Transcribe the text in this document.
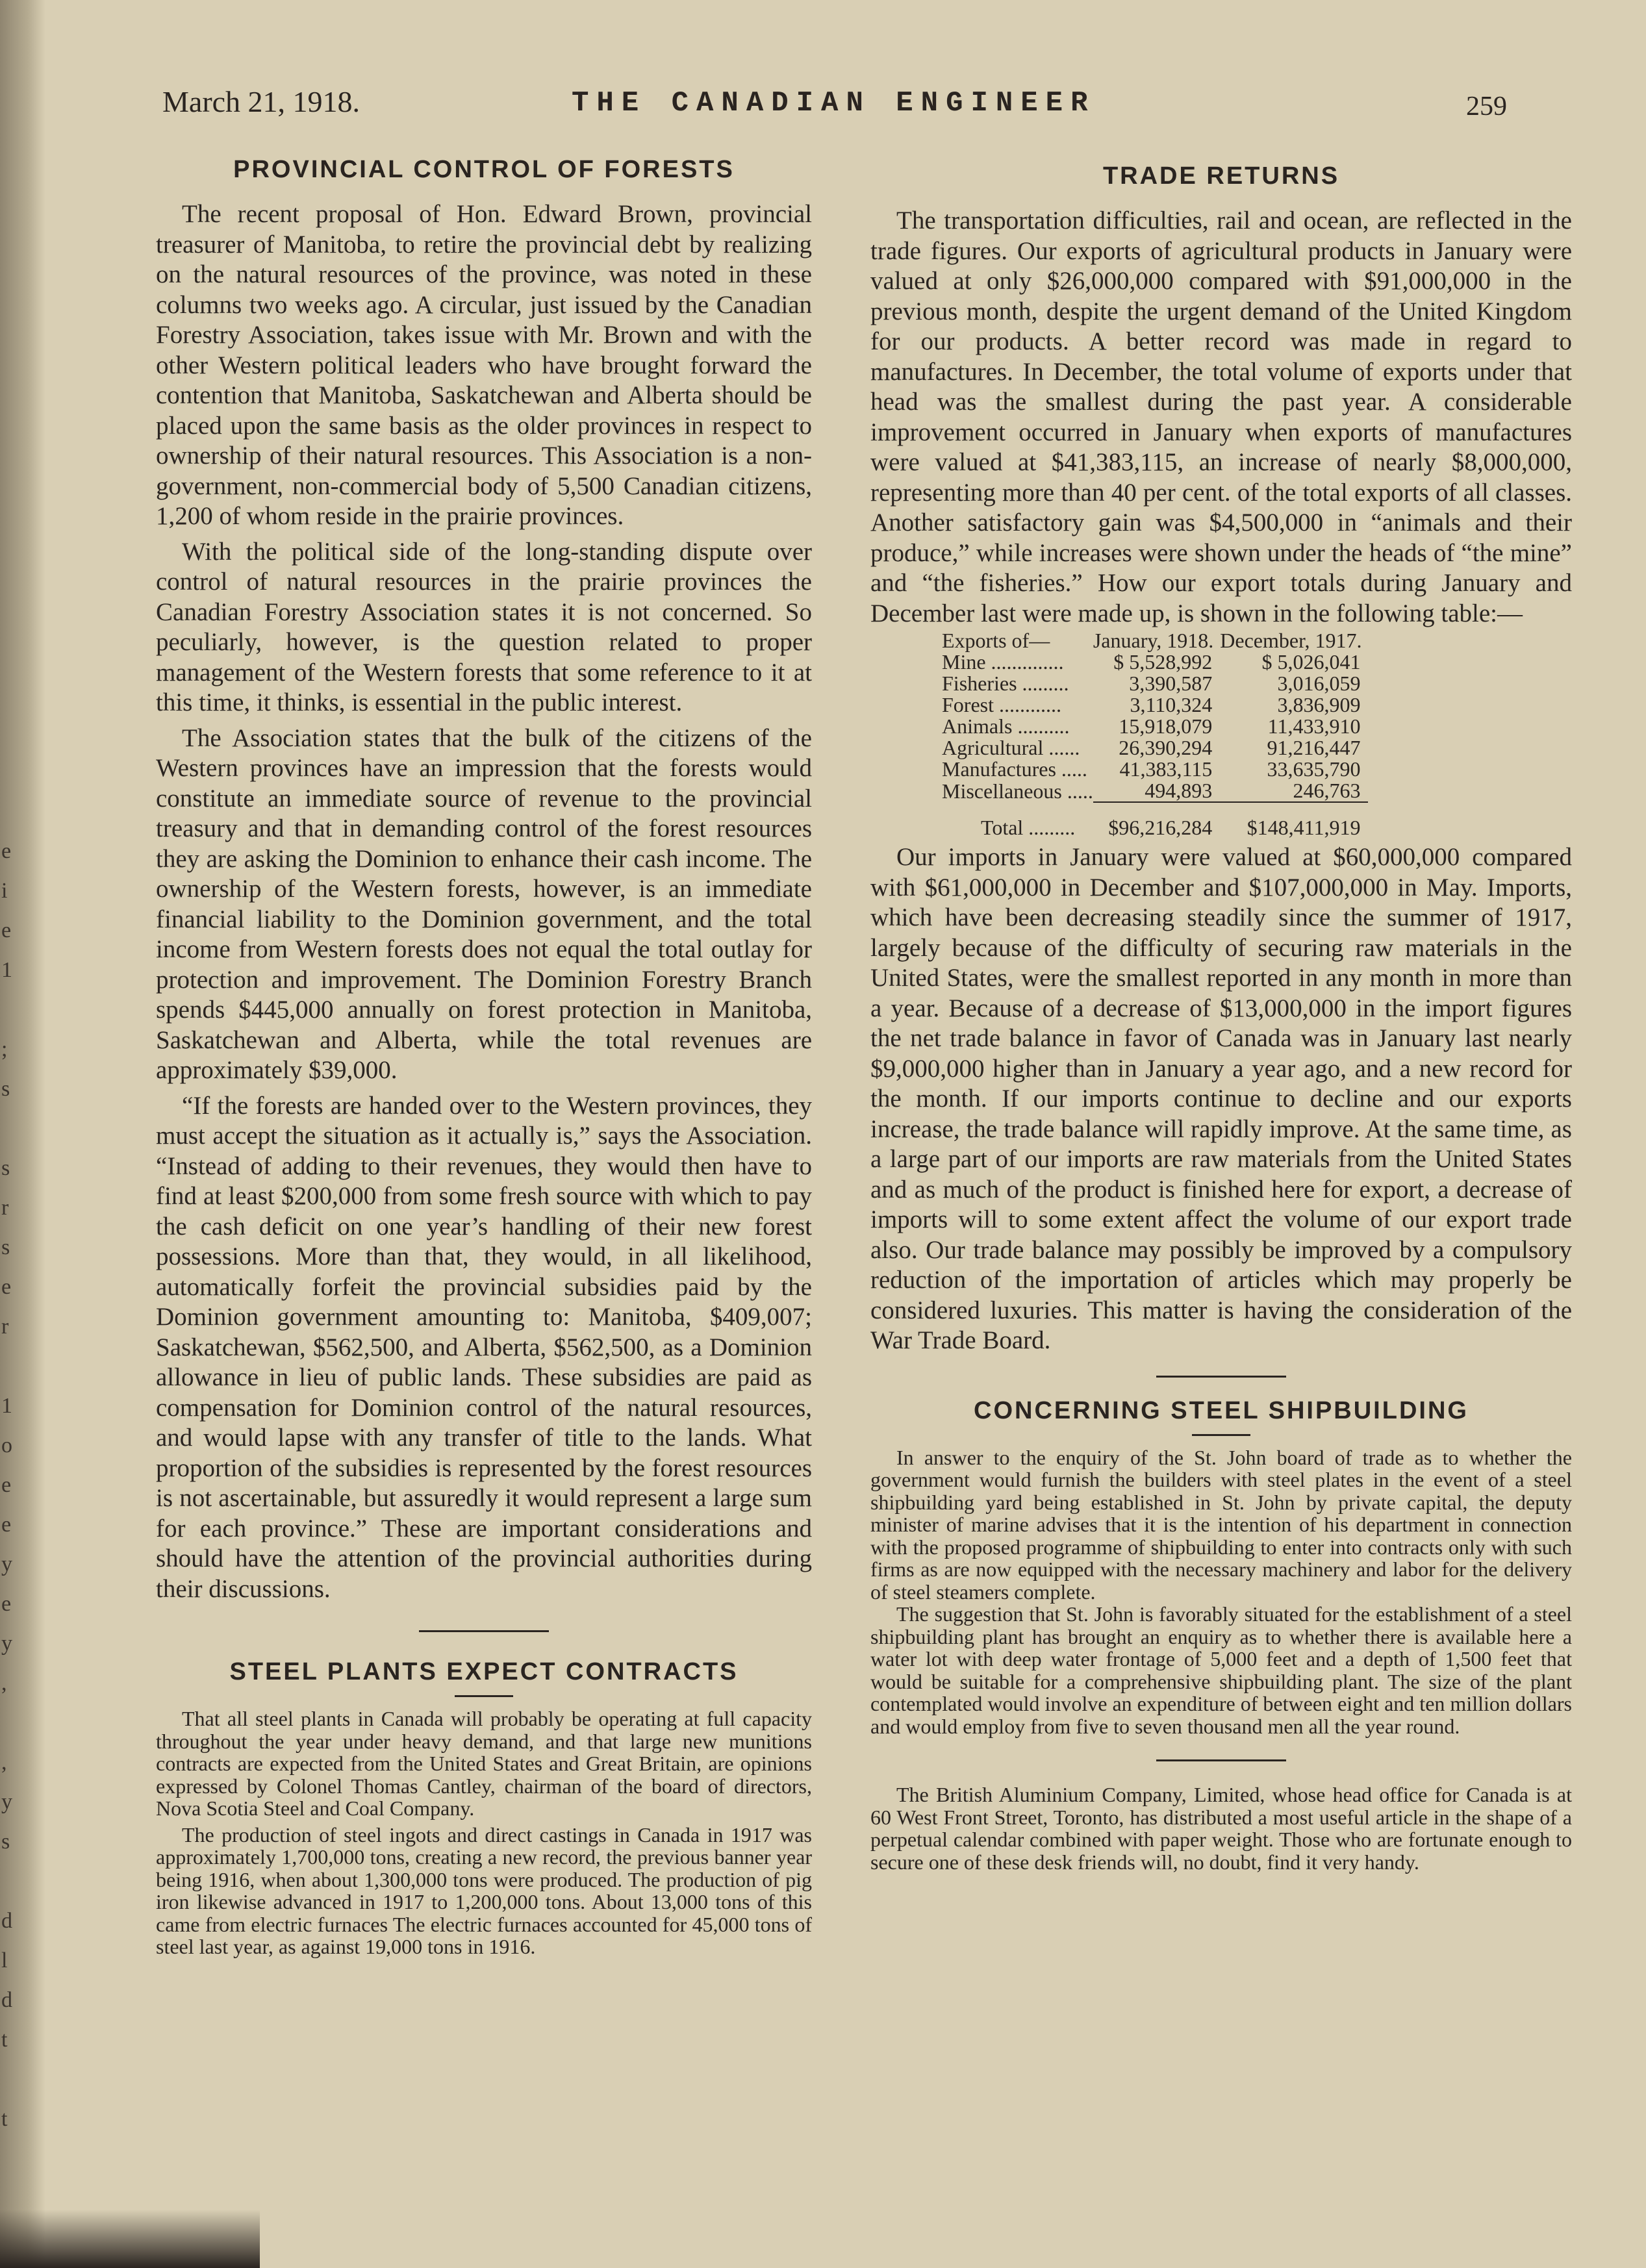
e
i
e
1
;
s
s
r
s
e
r
1
o
e
e
y
e
y
,
,
y
s
d
l
d
t
t
March 21, 1918.	THE CANADIAN ENGINEER	259
PROVINCIAL CONTROL OF FORESTS

The recent proposal of Hon. Edward Brown, provincial treasurer of Manitoba, to retire the provincial debt by realizing on the natural resources of the province, was noted in these columns two weeks ago. A circular, just issued by the Canadian Forestry Association, takes issue with Mr. Brown and with the other Western political leaders who have brought forward the contention that Manitoba, Saskatchewan and Alberta should be placed upon the same basis as the older provinces in respect to ownership of their natural resources. This Association is a non-government, non-commercial body of 5,500 Canadian citizens, 1,200 of whom reside in the prairie provinces.

With the political side of the long-standing dispute over control of natural resources in the prairie provinces the Canadian Forestry Association states it is not concerned. So peculiarly, however, is the question related to proper management of the Western forests that some reference to it at this time, it thinks, is essential in the public interest.

The Association states that the bulk of the citizens of the Western provinces have an impression that the forests would constitute an immediate source of revenue to the provincial treasury and that in demanding control of the forest resources they are asking the Dominion to enhance their cash income. The ownership of the Western forests, however, is an immediate financial liability to the Dominion government, and the total income from Western forests does not equal the total outlay for protection and improvement. The Dominion Forestry Branch spends $445,000 annually on forest protection in Manitoba, Saskatchewan and Alberta, while the total revenues are approximately $39,000.

“If the forests are handed over to the Western provinces, they must accept the situation as it actually is,” says the Association. “Instead of adding to their revenues, they would then have to find at least $200,000 from some fresh source with which to pay the cash deficit on one year’s handling of their new forest possessions. More than that, they would, in all likelihood, automatically forfeit the provincial subsidies paid by the Dominion government amounting to: Manitoba, $409,007; Saskatchewan, $562,500, and Alberta, $562,500, as a Dominion allowance in lieu of public lands. These subsidies are paid as compensation for Dominion control of the natural resources, and would lapse with any transfer of title to the lands. What proportion of the subsidies is represented by the forest resources is not ascertainable, but assuredly it would represent a large sum for each province.” These are important considerations and should have the attention of the provincial authorities during their discussions.

STEEL PLANTS EXPECT CONTRACTS

That all steel plants in Canada will probably be operating at full capacity throughout the year under heavy demand, and that large new munitions contracts are expected from the United States and Great Britain, are opinions expressed by Colonel Thomas Cantley, chairman of the board of directors, Nova Scotia Steel and Coal Company.

The production of steel ingots and direct castings in Canada in 1917 was approximately 1,700,000 tons, creating a new record, the previous banner year being 1916, when about 1,300,000 tons were produced. The production of pig iron likewise advanced in 1917 to 1,200,000 tons. About 13,000 tons of this came from electric furnaces The electric furnaces accounted for 45,000 tons of steel last year, as against 19,000 tons in 1916.

TRADE RETURNS

The transportation difficulties, rail and ocean, are reflected in the trade figures. Our exports of agricultural products in January were valued at only $26,000,000 compared with $91,000,000 in the previous month, despite the urgent demand of the United Kingdom for our products. A better record was made in regard to manufactures. In December, the total volume of exports under that head was the smallest during the past year. A considerable improvement occurred in January when exports of manufactures were valued at $41,383,115, an increase of nearly $8,000,000, representing more than 40 per cent. of the total exports of all classes. Another satisfactory gain was $4,500,000 in “animals and their produce,” while increases were shown under the heads of “the mine” and “the fisheries.” How our export totals during January and December last were made up, is shown in the following table:—

Exports of—	January, 1918.	December, 1917.
Mine ..............	$ 5,528,992	$ 5,026,041
Fisheries .........	3,390,587	3,016,059
Forest ............	3,110,324	3,836,909
Animals ..........	15,918,079	11,433,910
Agricultural ......	26,390,294	91,216,447
Manufactures .....	41,383,115	33,635,790
Miscellaneous .....	494,893	246,763
Total .........	$96,216,284	$148,411,919

Our imports in January were valued at $60,000,000 compared with $61,000,000 in December and $107,000,000 in May. Imports, which have been decreasing steadily since the summer of 1917, largely because of the difficulty of securing raw materials in the United States, were the smallest reported in any month in more than a year. Because of a decrease of $13,000,000 in the import figures the net trade balance in favor of Canada was in January last nearly $9,000,000 higher than in January a year ago, and a new record for the month. If our imports continue to decline and our exports increase, the trade balance will rapidly improve. At the same time, as a large part of our imports are raw materials from the United States and as much of the product is finished here for export, a decrease of imports will to some extent affect the volume of our export trade also. Our trade balance may possibly be improved by a compulsory reduction of the importation of articles which may properly be considered luxuries. This matter is having the consideration of the War Trade Board.

CONCERNING STEEL SHIPBUILDING

In answer to the enquiry of the St. John board of trade as to whether the government would furnish the builders with steel plates in the event of a steel shipbuilding yard being established in St. John by private capital, the deputy minister of marine advises that it is the intention of his department in connection with the proposed programme of shipbuilding to enter into contracts only with such firms as are now equipped with the necessary machinery and labor for the delivery of steel steamers complete.

The suggestion that St. John is favorably situated for the establishment of a steel shipbuilding plant has brought an enquiry as to whether there is available here a water lot with deep water frontage of 5,000 feet and a depth of 1,500 feet that would be suitable for a comprehensive shipbuilding plant. The size of the plant contemplated would involve an expenditure of between eight and ten million dollars and would employ from five to seven thousand men all the year round.

The British Aluminium Company, Limited, whose head office for Canada is at 60 West Front Street, Toronto, has distributed a most useful article in the shape of a perpetual calendar combined with paper weight. Those who are fortunate enough to secure one of these desk friends will, no doubt, find it very handy.
